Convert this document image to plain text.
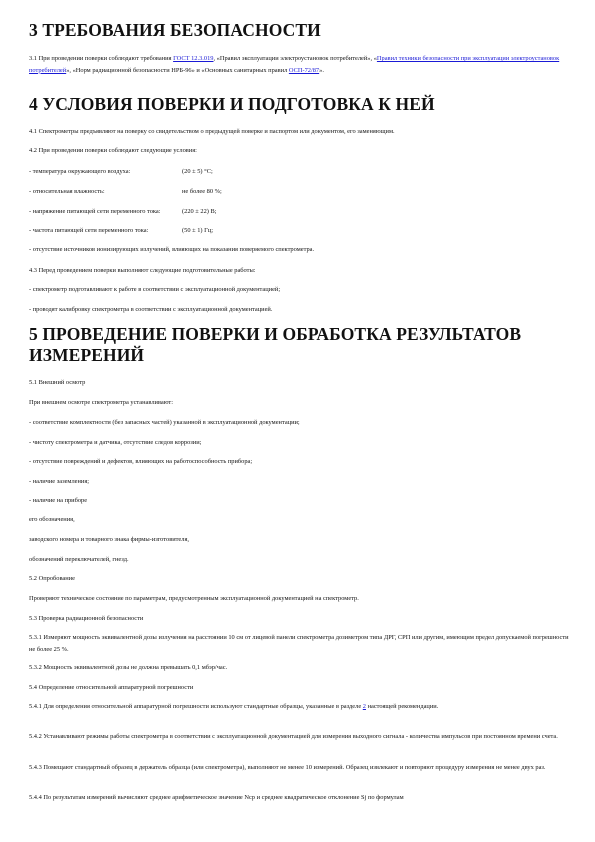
3 ТРЕБОВАНИЯ БЕЗОПАСНОСТИ

3.1 При проведении поверки соблюдают требования ГОСТ 12.3.019, «Правил эксплуатации электроустановок потребителей», «Правил техники безопасности при эксплуатации электроустановок потребителей», «Норм радиационной безопасности НРБ-96» и «Основных санитарных правил ОСП-72/87».

4 УСЛОВИЯ ПОВЕРКИ И ПОДГОТОВКА К НЕЙ

4.1 Спектрометры предъявляют на поверку со свидетельством о предыдущей поверке и паспортом или документом, его заменяющим.

4.2 При проведении поверки соблюдают следующие условия:

- температура окружающего воздуха:	(20 ± 5) °С;

- относительная влажность:	не более 80 %;

- напряжение питающей сети переменного тока:	(220 ± 22) В;

- частота питающей сети переменного тока:	(50 ± 1) Гц;

- отсутствие источников ионизирующих излучений, влияющих на показания поверяемого спектрометра.

4.3 Перед проведением поверки выполняют следующие подготовительные работы:

- спектрометр подготавливают к работе в соответствии с эксплуатационной документацией;

- проводят калибровку спектрометра в соответствии с эксплуатационной документацией.

5 ПРОВЕДЕНИЕ ПОВЕРКИ И ОБРАБОТКА РЕЗУЛЬТАТОВ ИЗМЕРЕНИЙ

5.1 Внешний осмотр

При внешнем осмотре спектрометра устанавливают:

- соответствие комплектности (без запасных частей) указанной в эксплуатационной документации;

- чистоту спектрометра и датчика, отсутствие следов коррозии;

- отсутствие повреждений и дефектов, влияющих на работоспособность прибора;

- наличие заземления;

- наличие на приборе

его обозначения,

заводского номера и товарного знака фирмы-изготовителя,

обозначений переключателей, гнезд.

5.2 Опробование

Проверяют техническое состояние по параметрам, предусмотренным эксплуатационной документацией на спектрометр.

5.3 Проверка радиационной безопасности

5.3.1 Измеряют мощность эквивалентной дозы излучения на расстоянии 10 см от лицевой панели спектрометра дозиметром типа ДРГ, СРП или другим, имеющим предел допускаемой погрешности не более 25 %.

5.3.2 Мощность эквивалентной дозы не должна превышать 0,1 мбэр/час.

5.4 Определение относительной аппаратурной погрешности

5.4.1 Для определения относительной аппаратурной погрешности используют стандартные образцы, указанные в разделе 2 настоящей рекомендации.

5.4.2 Устанавливают режимы работы спектрометра в соответствии с эксплуатационной документацией для измерения выходного сигнала - количества импульсов при постоянном времени счета.

5.4.3 Помещают стандартный образец в держатель образца (или спектрометра), выполняют не менее 10 измерений. Образец извлекают и повторяют процедуру измерения не менее двух раз.

5.4.4 По результатам измерений вычисляют среднее арифметическое значение Nср и среднее квадратическое отклонение Sj по формулам
